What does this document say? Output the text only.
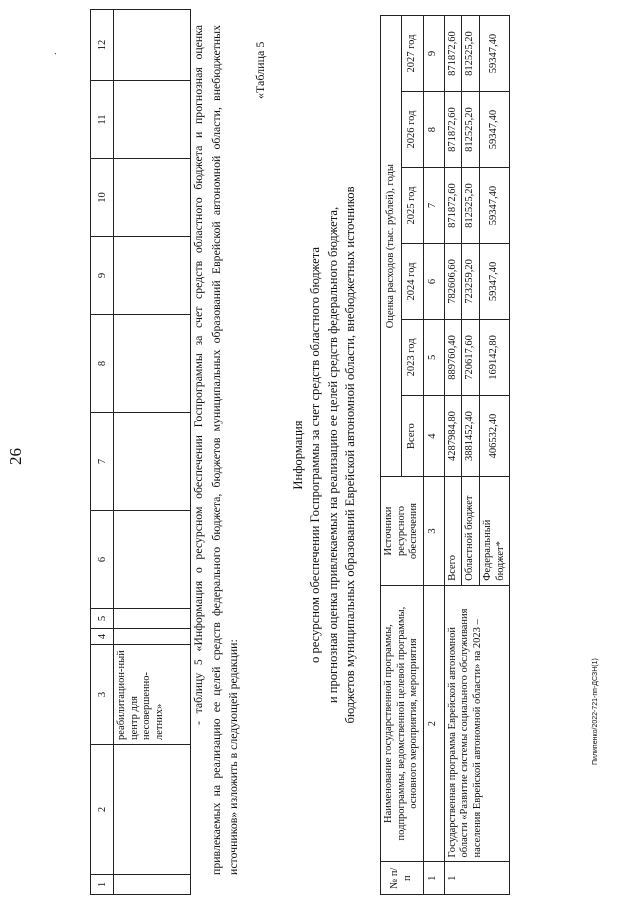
26
.
1	2	3	4	5	6	7	8	9	10	11	12
		реабилитацион-ный центр для несовершенно-летних»									- таблицу 5 «Информация о ресурсном обеспечении Госпрограммы за счет средств областного бюджета и прогнозная оценка привлекаемых на реализацию ее целей средств федерального бюджета, бюджетов муниципальных образований Еврейской автономной области, внебюджетных источников» изложить в следующей редакции:
«Таблица 5
Информация о ресурсном обеспечении Госпрограммы за счет средств областного бюджета и прогнозная оценка привлекаемых на реализацию ее целей средств федерального бюджета, бюджетов муниципальных образований Еврейской автономной области, внебюджетных источников
№ п/п	Наименование государственной программы, подпрограммы, ведомственной целевой программы, основного мероприятия, мероприятия	Источники ресурсного обеспечения	Оценка расходов (тыс. рублей), годы					
			Всего	2023 год	2024 год	2025 год	2026 год	2027 год
1	2	3	4	5	6	7	8	9
1	Государственная программа Еврейской автономной области «Развитие системы социального обслуживания населения Еврейской автономной области» на 2023 –	Всего	4287984,80	889760,40	782606,60	871872,60	871872,60	871872,60
		Областной бюджет	3881452,40	720617,60	723259,20	812525,20	812525,20	812525,20
		Федеральный бюджет*	406532,40	169142,80	59347,40	59347,40	59347,40	59347,40
Пилипенко/2022-721-пп-ДСЗН(1)
